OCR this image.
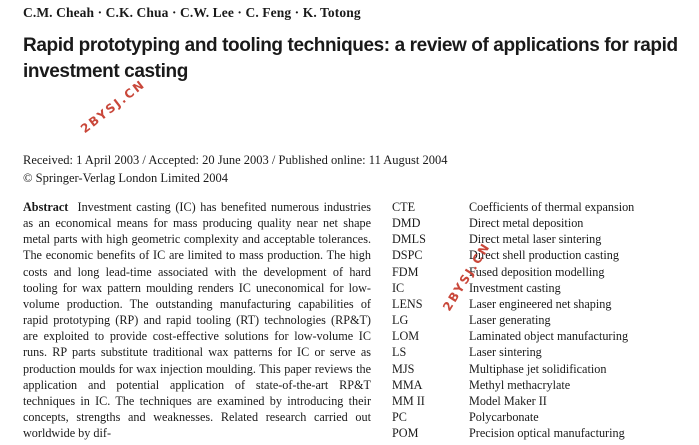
C.M. Cheah · C.K. Chua · C.W. Lee · C. Feng · K. Totong
Rapid prototyping and tooling techniques: a review of applications for rapid investment casting
Received: 1 April 2003 / Accepted: 20 June 2003 / Published online: 11 August 2004
© Springer-Verlag London Limited 2004
Abstract Investment casting (IC) has benefited numerous industries as an economical means for mass producing quality near net shape metal parts with high geometric complexity and acceptable tolerances. The economic benefits of IC are limited to mass production. The high costs and long lead-time associated with the development of hard tooling for wax pattern moulding renders IC uneconomical for low-volume production. The outstanding manufacturing capabilities of rapid prototyping (RP) and rapid tooling (RT) technologies (RP&T) are exploited to provide cost-effective solutions for low-volume IC runs. RP parts substitute traditional wax patterns for IC or serve as production moulds for wax injection moulding. This paper reviews the application and potential application of state-of-the-art RP&T techniques in IC. The techniques are examined by introducing their concepts, strengths and weaknesses. Related research carried out worldwide by dif-
CTE	Coefficients of thermal expansion
DMD	Direct metal deposition
DMLS	Direct metal laser sintering
DSPC	Direct shell production casting
FDM	Fused deposition modelling
IC	Investment casting
LENS	Laser engineered net shaping
LG	Laser generating
LOM	Laminated object manufacturing
LS	Laser sintering
MJS	Multiphase jet solidification
MMA	Methyl methacrylate
MM II	Model Maker II
PC	Polycarbonate
POM	Precision optical manufacturing
2BYSJ.CN
2BYSJ.CN
